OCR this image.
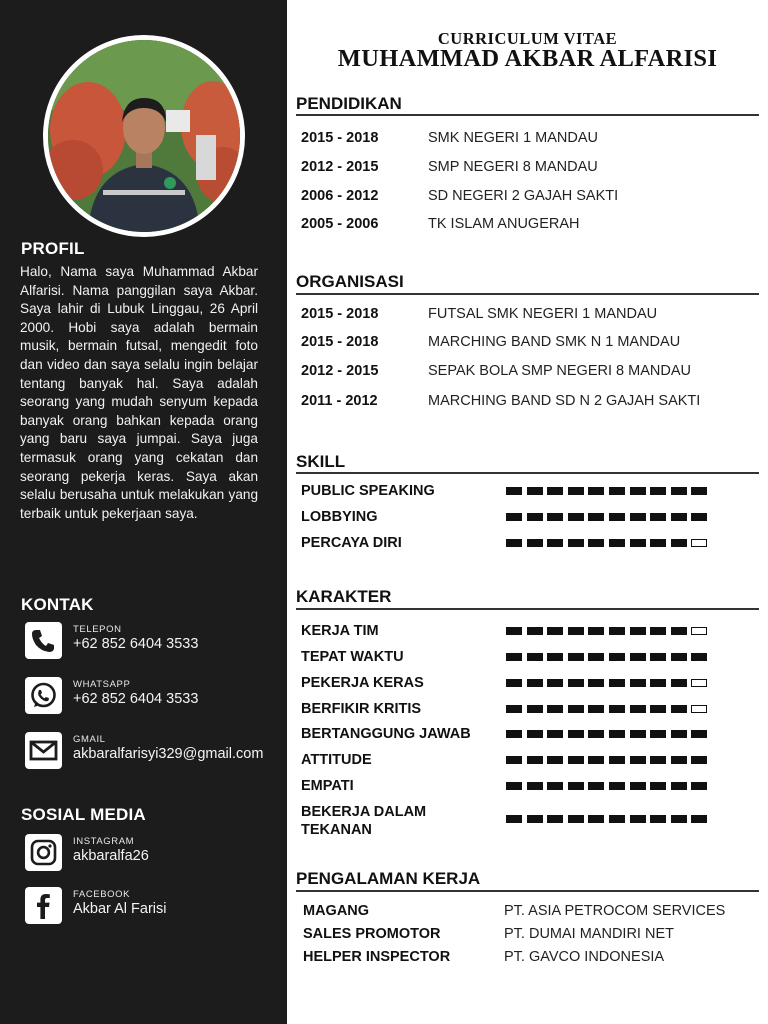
PROFIL
Halo, Nama saya Muhammad Akbar Alfarisi. Nama panggilan saya Akbar. Saya lahir di Lubuk Linggau, 26 April 2000. Hobi saya adalah bermain musik, bermain futsal, mengedit foto dan video dan saya selalu ingin belajar tentang banyak hal. Saya adalah seorang yang mudah senyum kepada banyak orang bahkan kepada orang yang baru saya jumpai. Saya juga termasuk orang yang cekatan dan seorang pekerja keras. Saya akan selalu berusaha untuk melakukan yang terbaik untuk pekerjaan saya.
KONTAK
TELEPON
+62 852 6404 3533
WHATSAPP
+62 852 6404 3533
GMAIL
akbaralfarisyi329@gmail.com
SOSIAL MEDIA
INSTAGRAM
akbaralfa26
FACEBOOK
Akbar Al Farisi
CURRICULUM VITAE
MUHAMMAD AKBAR ALFARISI
PENDIDIKAN
2015 - 2018	SMK NEGERI 1 MANDAU
2012 - 2015	SMP NEGERI 8 MANDAU
2006 - 2012	SD NEGERI 2 GAJAH SAKTI
2005 - 2006	TK ISLAM ANUGERAH
ORGANISASI
2015 - 2018	FUTSAL SMK NEGERI 1 MANDAU
2015 - 2018	MARCHING BAND SMK N 1 MANDAU
2012 - 2015	SEPAK BOLA SMP NEGERI 8 MANDAU
2011 - 2012	MARCHING BAND SD N 2 GAJAH SAKTI
SKILL
PUBLIC SPEAKING
LOBBYING
PERCAYA DIRI
KARAKTER
KERJA TIM
TEPAT WAKTU
PEKERJA KERAS
BERFIKIR KRITIS
BERTANGGUNG JAWAB
ATTITUDE
EMPATI
BEKERJA DALAM TEKANAN
PENGALAMAN KERJA
MAGANG	PT. ASIA PETROCOM SERVICES
SALES PROMOTOR	PT. DUMAI MANDIRI NET
HELPER INSPECTOR	PT. GAVCO INDONESIA
